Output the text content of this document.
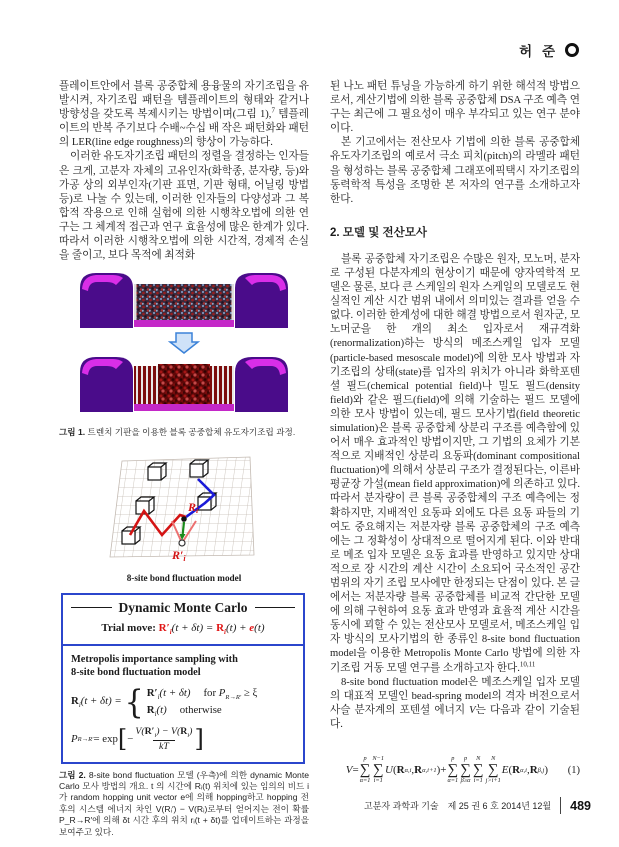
허 준

플레이트안에서 블록 공중합체 용융물의 자기조립을 유발시켜, 자기조립 패턴을 템플레이트의 형태와 같거나 방향성을 갖도록 복제시키는 방법이며(그림 1),$^7$ 템플레이트의 반복 주기보다 수배~수십 배 작은 패턴화와 패턴의 LER(line edge roughness)의 향상이 가능하다.

이러한 유도자기조립 패턴의 정렬을 결정하는 인자들은 크게, 고분자 자체의 고유인자(화학종, 분자량, 등)와 가공 상의 외부인자(기판 표면, 기판 형태, 어닐링 방법 등)로 나눌 수 있는데, 이러한 인자들의 다양성과 그 복합적 작용으로 인해 실험에 의한 시행착오법에 의한 연구는 그 체계적 접근과 연구 효율성에 많은 한계가 있다. 따라서 이러한 시행착오법에 의한 시간적, 경제적 손실을 줄이고, 보다 목적에 최적화

그림 1. 트렌치 기판을 이용한 블록 공중합체 유도자기조립 과정.

Ri
R′i
8-site bond fluctuation model
Dynamic Monte Carlo
Trial move: $R'_i(t + \delta t) = R_i(t) + e(t)$
Metropolis importance sampling with
8-site bond fluctuation model
$R_i(t + \delta t)$ = { $R'_i(t + \delta t)$ for $P_{R\to R'} \ge \xi$
$R_i(t)$ otherwise
P R→R′ = exp [ − $\frac{V(R'_i) - V(R_i)}{kT}$ ]

그림 2. 8-site bond fluctuation 모델 (우측)에 의한 dynamic Monte Carlo 모사 방법의 개요. t 의 시간에 Rᵢ(t) 위치에 있는 임의의 비드 i가 random hopping unit vector e에 의해 hopping하고 hopping 전후의 시스템 에너지 차인 V(Rᵢ′) − V(Rᵢ)로부터 얻어지는 전이 확률 P_R→R′에 의해 δt 시간 후의 위치 rᵢ(t + δt)를 업데이트하는 과정을 보여주고 있다.

된 나노 패턴 튜닝을 가능하게 하기 위한 해석적 방법으로서, 계산기법에 의한 블록 공중합체 DSA 구조 예측 연구는 최근에 그 필요성이 매우 부각되고 있는 연구 분야이다.

본 기고에서는 전산모사 기법에 의한 블록 공중합체 유도자기조립의 예로서 극소 피치(pitch)의 라멜라 패턴을 형성하는 블록 공중합체 그래포에픽택시 자기조립의 동력학적 특성을 조명한 본 저자의 연구를 소개하고자 한다.

2. 모델 및 전산모사

블록 공중합체 자기조립은 수많은 원자, 모노머, 분자로 구성된 다분자계의 현상이기 때문에 양자역학적 모델은 물론, 보다 큰 스케일의 원자 스케일의 모델로도 현실적인 계산 시간 범위 내에서 의미있는 결과를 얻을 수 없다. 이러한 한계성에 대한 해결 방법으로서 원자군, 모노머군을 한 개의 최소 입자로서 재규격화(renormalization)하는 방식의 메조스케일 입자 모델(particle-based mesoscale model)에 의한 모사 방법과 자기조립의 상태(state)를 입자의 위치가 아니라 화학포텐셜 필드(chemical potential field)나 밀도 필드(density field)와 같은 필드(field)에 의해 기술하는 필드 모델에 의한 모사 방법이 있는데, 필드 모사기법(field theoretic simulation)은 블록 공중합체 상분리 구조를 예측함에 있어서 매우 효과적인 방법이지만, 그 기법의 요체가 기본적으로 지배적인 상분리 요동파(dominant compositional fluctuation)에 의해서 상분리 구조가 결정된다는, 이른바 평균장 가설(mean field approximation)에 의존하고 있다. 따라서 분자량이 큰 블록 공중합체의 구조 예측에는 정확하지만, 지배적인 요동파 외에도 다른 요동 파들의 기여도 중요해지는 저분자량 블록 공중합체의 구조 예측에는 그 정확성이 상대적으로 떨어지게 된다. 이와 반대로 메조 입자 모델은 요동 효과를 반영하고 있지만 상대적으로 장 시간의 계산 시간이 소요되어 국소적인 공간 범위의 자기 조립 모사에만 한정되는 단점이 있다. 본 글에서는 저분자량 블록 공중합체를 비교적 간단한 모델에 의해 구현하여 요동 효과 반영과 효율적 계산 시간을 동시에 꾀할 수 있는 전산모사 모델로서, 메조스케일 입자 방식의 모사기법의 한 종류인 8-site bond fluctuation model을 이용한 Metropolis Monte Carlo 방법에 의한 자기조립 거동 모델 연구를 소개하고자 한다.$^{10,11}$

8-site bond fluctuation model은 메조스케일 입자 모델의 대표적 모델인 bead-spring model의 격자 버전으로서 사슬 분자계의 포텐셜 에너지 V는 다음과 같이 기술된다.

V =
p
∑
α=1
N−1
∑
i=1
U ( R α,i , R α,i+1 ) +
p
∑
α=1
p
∑
β≥α
N
∑
i=1
N
∑
j>i+1
E ( R α,i , R β,j ) (1)
고분자 과학과 기술 제 25 권 6 호 2014년 12월 489
